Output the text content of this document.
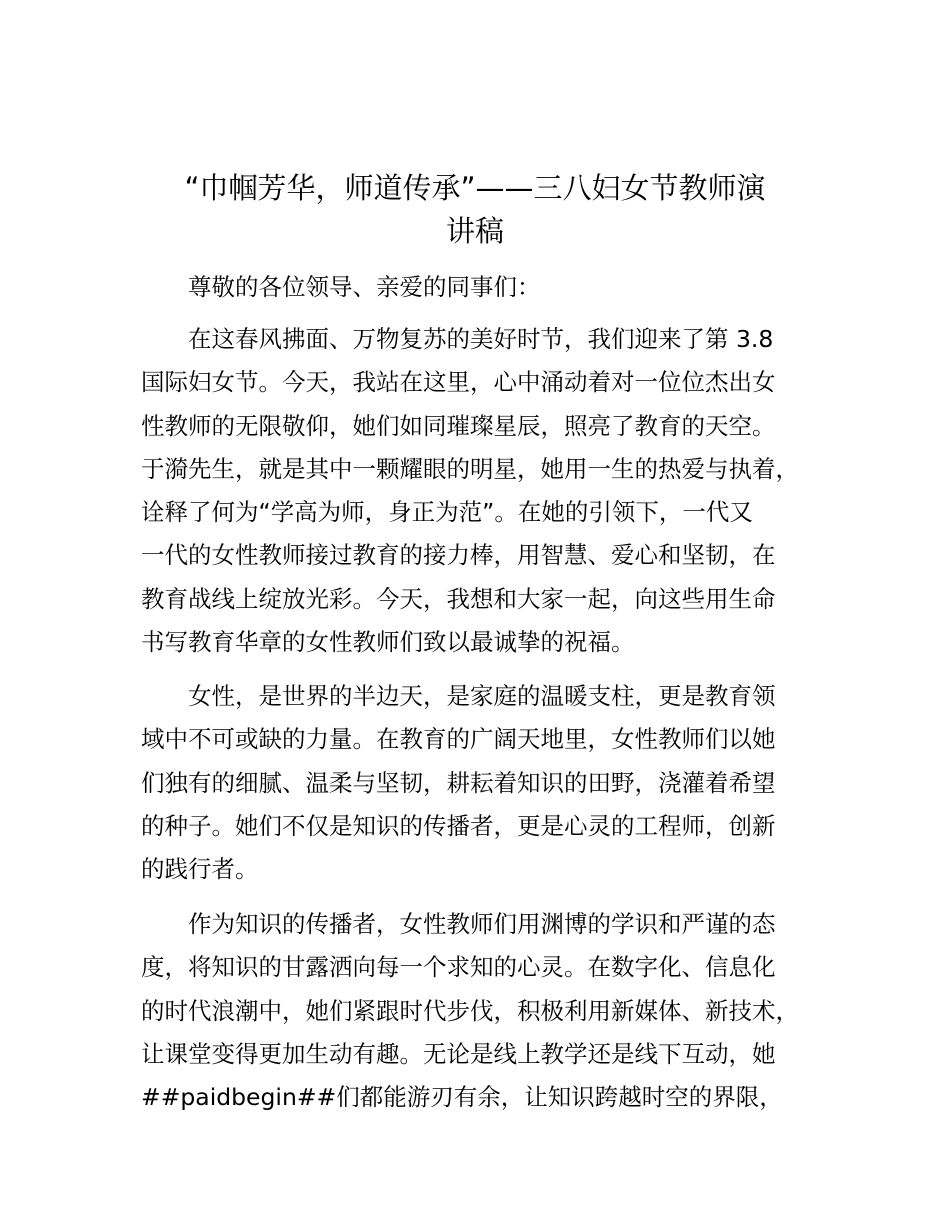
“巾帼芳华，师道传承”——三八妇女节教师演
讲稿

　　尊敬的各位领导、亲爱的同事们：

　　在这春风拂面、万物复苏的美好时节，我们迎来了第 3.8
国际妇女节。今天，我站在这里，心中涌动着对一位位杰出女
性教师的无限敬仰，她们如同璀璨星辰，照亮了教育的天空。
于漪先生，就是其中一颗耀眼的明星，她用一生的热爱与执着，
诠释了何为“学高为师，身正为范”。在她的引领下，一代又
一代的女性教师接过教育的接力棒，用智慧、爱心和坚韧，在
教育战线上绽放光彩。今天，我想和大家一起，向这些用生命
书写教育华章的女性教师们致以最诚挚的祝福。

　　女性，是世界的半边天，是家庭的温暖支柱，更是教育领
域中不可或缺的力量。在教育的广阔天地里，女性教师们以她
们独有的细腻、温柔与坚韧，耕耘着知识的田野，浇灌着希望
的种子。她们不仅是知识的传播者，更是心灵的工程师，创新
的践行者。

　　作为知识的传播者，女性教师们用渊博的学识和严谨的态
度，将知识的甘露洒向每一个求知的心灵。在数字化、信息化
的时代浪潮中，她们紧跟时代步伐，积极利用新媒体、新技术，
让课堂变得更加生动有趣。无论是线上教学还是线下互动，她
##paidbegin##们都能游刃有余，让知识跨越时空的界限，
